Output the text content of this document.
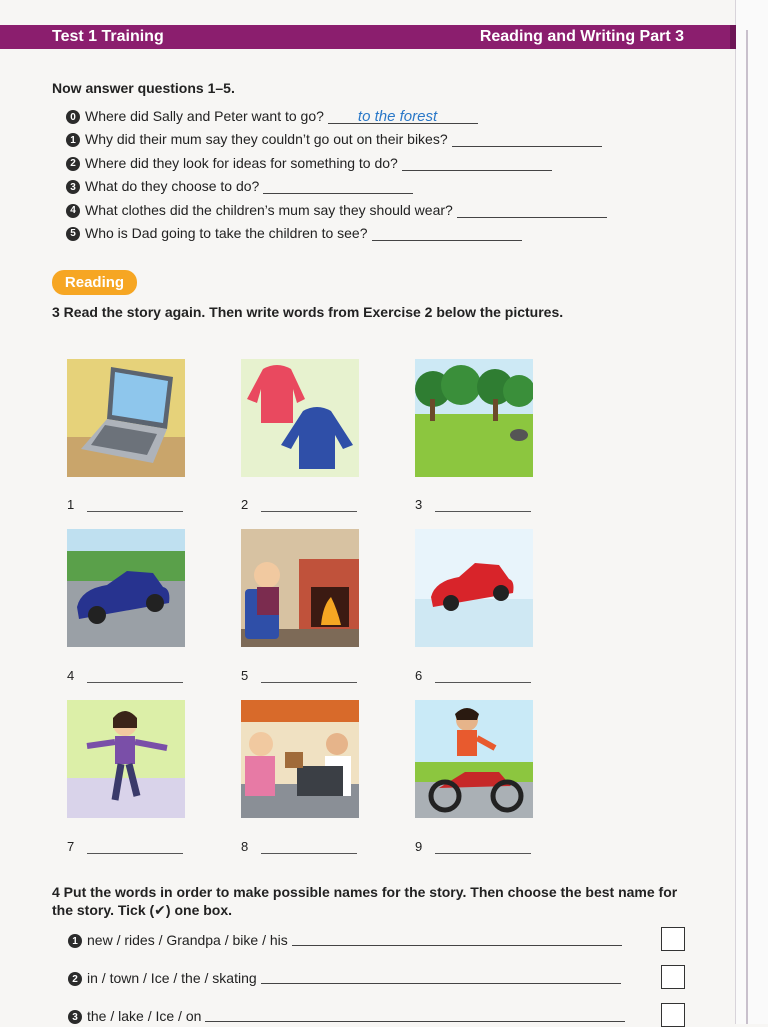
Test 1 Training	Reading and Writing Part 3
Now answer questions 1–5.
0 Where did Sally and Peter want to go?	to the forest
1 Why did their mum say they couldn’t go out on their bikes?
2 Where did they look for ideas for something to do?
3 What do they choose to do?
4 What clothes did the children’s mum say they should wear?
5 Who is Dad going to take the children to see?
Reading
3 Read the story again. Then write words from Exercise 2 below the pictures.
1	2	3
4	5	6
7	8	9
4 Put the words in order to make possible names for the story. Then choose the best name for the story. Tick (✔) one box.
1 new / rides / Grandpa / bike / his
2 in / town / Ice / the / skating
3 the / lake / Ice / on
